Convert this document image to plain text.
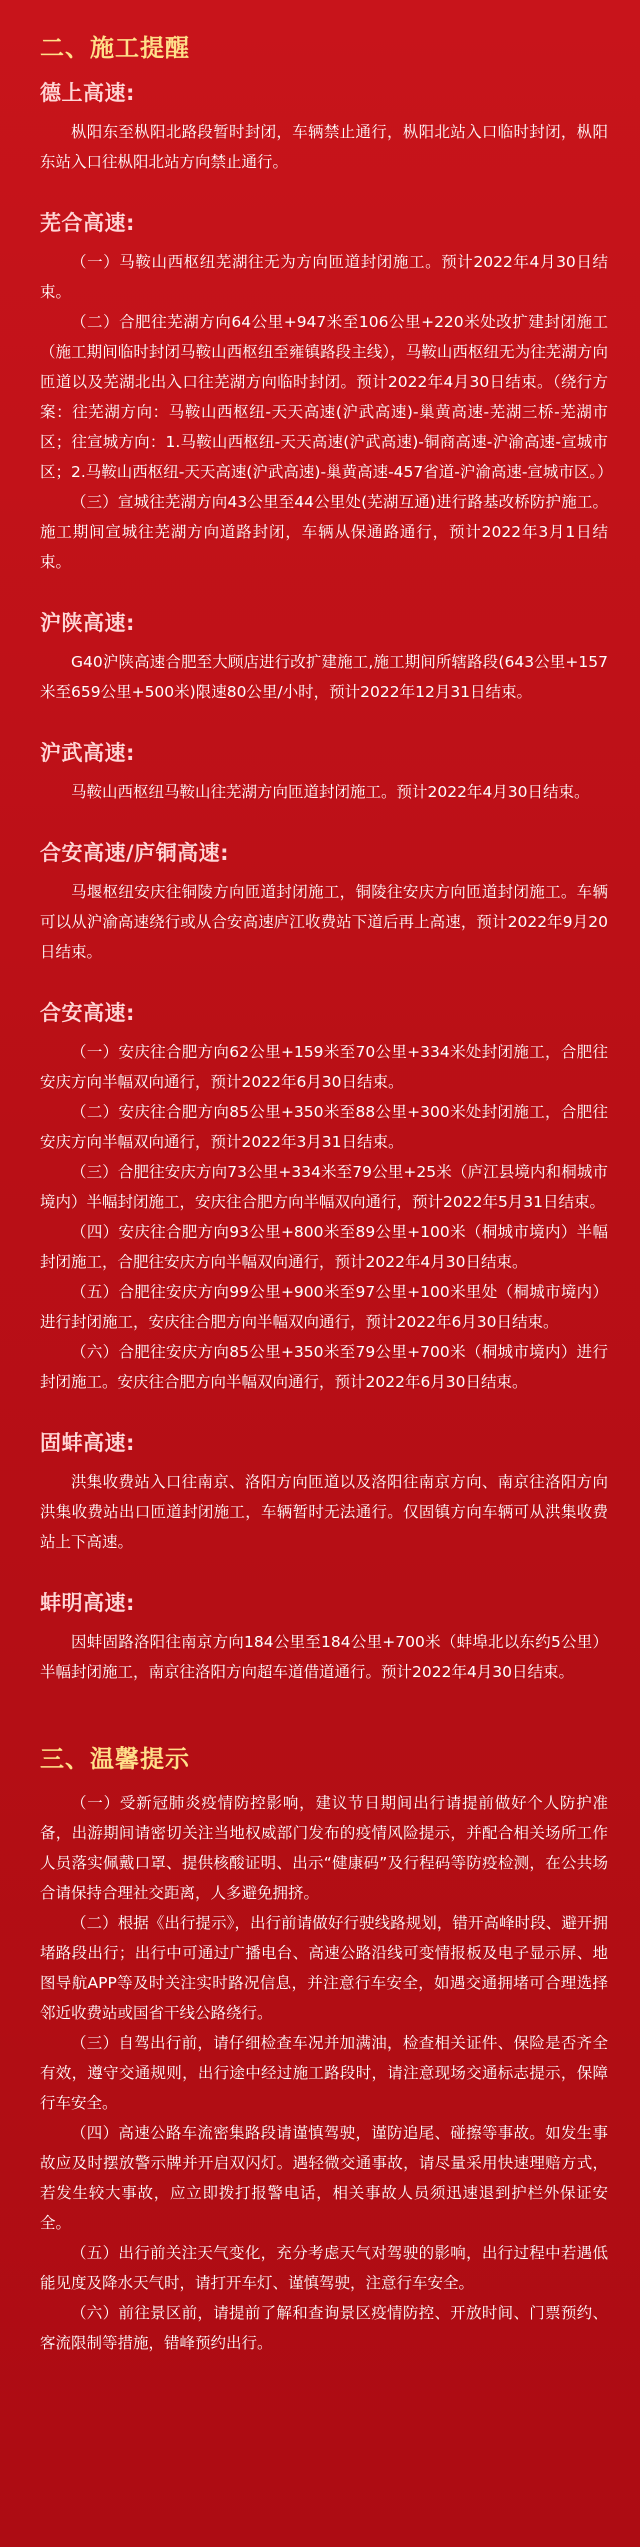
二、施工提醒
德上高速:

枞阳东至枞阳北路段暂时封闭，车辆禁止通行，枞阳北站入口临时封闭，枞阳东站入口往枞阳北站方向禁止通行。

芜合高速:

（一）马鞍山西枢纽芜湖往无为方向匝道封闭施工。预计2022年4月30日结束。

（二）合肥往芜湖方向64公里+947米至106公里+220米处改扩建封闭施工（施工期间临时封闭马鞍山西枢纽至雍镇路段主线），马鞍山西枢纽无为往芜湖方向匝道以及芜湖北出入口往芜湖方向临时封闭。预计2022年4月30日结束。（绕行方案：往芜湖方向：马鞍山西枢纽-天天高速(沪武高速)-巢黄高速-芜湖三桥-芜湖市区；往宣城方向：1.马鞍山西枢纽-天天高速(沪武高速)-铜商高速-沪渝高速-宣城市区；2.马鞍山西枢纽-天天高速(沪武高速)-巢黄高速-457省道-沪渝高速-宣城市区。）

（三）宣城往芜湖方向43公里至44公里处(芜湖互通)进行路基改桥防护施工。施工期间宣城往芜湖方向道路封闭，车辆从保通路通行，预计2022年3月1日结束。

沪陕高速:

G40沪陕高速合肥至大顾店进行改扩建施工,施工期间所辖路段(643公里+157米至659公里+500米)限速80公里/小时，预计2022年12月31日结束。

沪武高速:

马鞍山西枢纽马鞍山往芜湖方向匝道封闭施工。预计2022年4月30日结束。

合安高速/庐铜高速:

马堰枢纽安庆往铜陵方向匝道封闭施工，铜陵往安庆方向匝道封闭施工。车辆可以从沪渝高速绕行或从合安高速庐江收费站下道后再上高速，预计2022年9月20日结束。

合安高速:

（一）安庆往合肥方向62公里+159米至70公里+334米处封闭施工，合肥往安庆方向半幅双向通行，预计2022年6月30日结束。

（二）安庆往合肥方向85公里+350米至88公里+300米处封闭施工，合肥往安庆方向半幅双向通行，预计2022年3月31日结束。

（三）合肥往安庆方向73公里+334米至79公里+25米（庐江县境内和桐城市境内）半幅封闭施工，安庆往合肥方向半幅双向通行，预计2022年5月31日结束。

（四）安庆往合肥方向93公里+800米至89公里+100米（桐城市境内）半幅封闭施工，合肥往安庆方向半幅双向通行，预计2022年4月30日结束。

（五）合肥往安庆方向99公里+900米至97公里+100米里处（桐城市境内）进行封闭施工，安庆往合肥方向半幅双向通行，预计2022年6月30日结束。

（六）合肥往安庆方向85公里+350米至79公里+700米（桐城市境内）进行封闭施工。安庆往合肥方向半幅双向通行，预计2022年6月30日结束。

固蚌高速:

洪集收费站入口往南京、洛阳方向匝道以及洛阳往南京方向、南京往洛阳方向洪集收费站出口匝道封闭施工，车辆暂时无法通行。仅固镇方向车辆可从洪集收费站上下高速。

蚌明高速:

因蚌固路洛阳往南京方向184公里至184公里+700米（蚌埠北以东约5公里）半幅封闭施工，南京往洛阳方向超车道借道通行。预计2022年4月30日结束。

三、温馨提示

（一）受新冠肺炎疫情防控影响，建议节日期间出行请提前做好个人防护准备，出游期间请密切关注当地权威部门发布的疫情风险提示，并配合相关场所工作人员落实佩戴口罩、提供核酸证明、出示“健康码”及行程码等防疫检测，在公共场合请保持合理社交距离，人多避免拥挤。

（二）根据《出行提示》，出行前请做好行驶线路规划，错开高峰时段、避开拥堵路段出行；出行中可通过广播电台、高速公路沿线可变情报板及电子显示屏、地图导航APP等及时关注实时路况信息，并注意行车安全，如遇交通拥堵可合理选择邻近收费站或国省干线公路绕行。

（三）自驾出行前，请仔细检查车况并加满油，检查相关证件、保险是否齐全有效，遵守交通规则，出行途中经过施工路段时，请注意现场交通标志提示，保障行车安全。

（四）高速公路车流密集路段请谨慎驾驶，谨防追尾、碰擦等事故。如发生事故应及时摆放警示牌并开启双闪灯。遇轻微交通事故，请尽量采用快速理赔方式，若发生较大事故，应立即拨打报警电话，相关事故人员须迅速退到护栏外保证安全。

（五）出行前关注天气变化，充分考虑天气对驾驶的影响，出行过程中若遇低能见度及降水天气时，请打开车灯、谨慎驾驶，注意行车安全。

（六）前往景区前，请提前了解和查询景区疫情防控、开放时间、门票预约、客流限制等措施，错峰预约出行。
